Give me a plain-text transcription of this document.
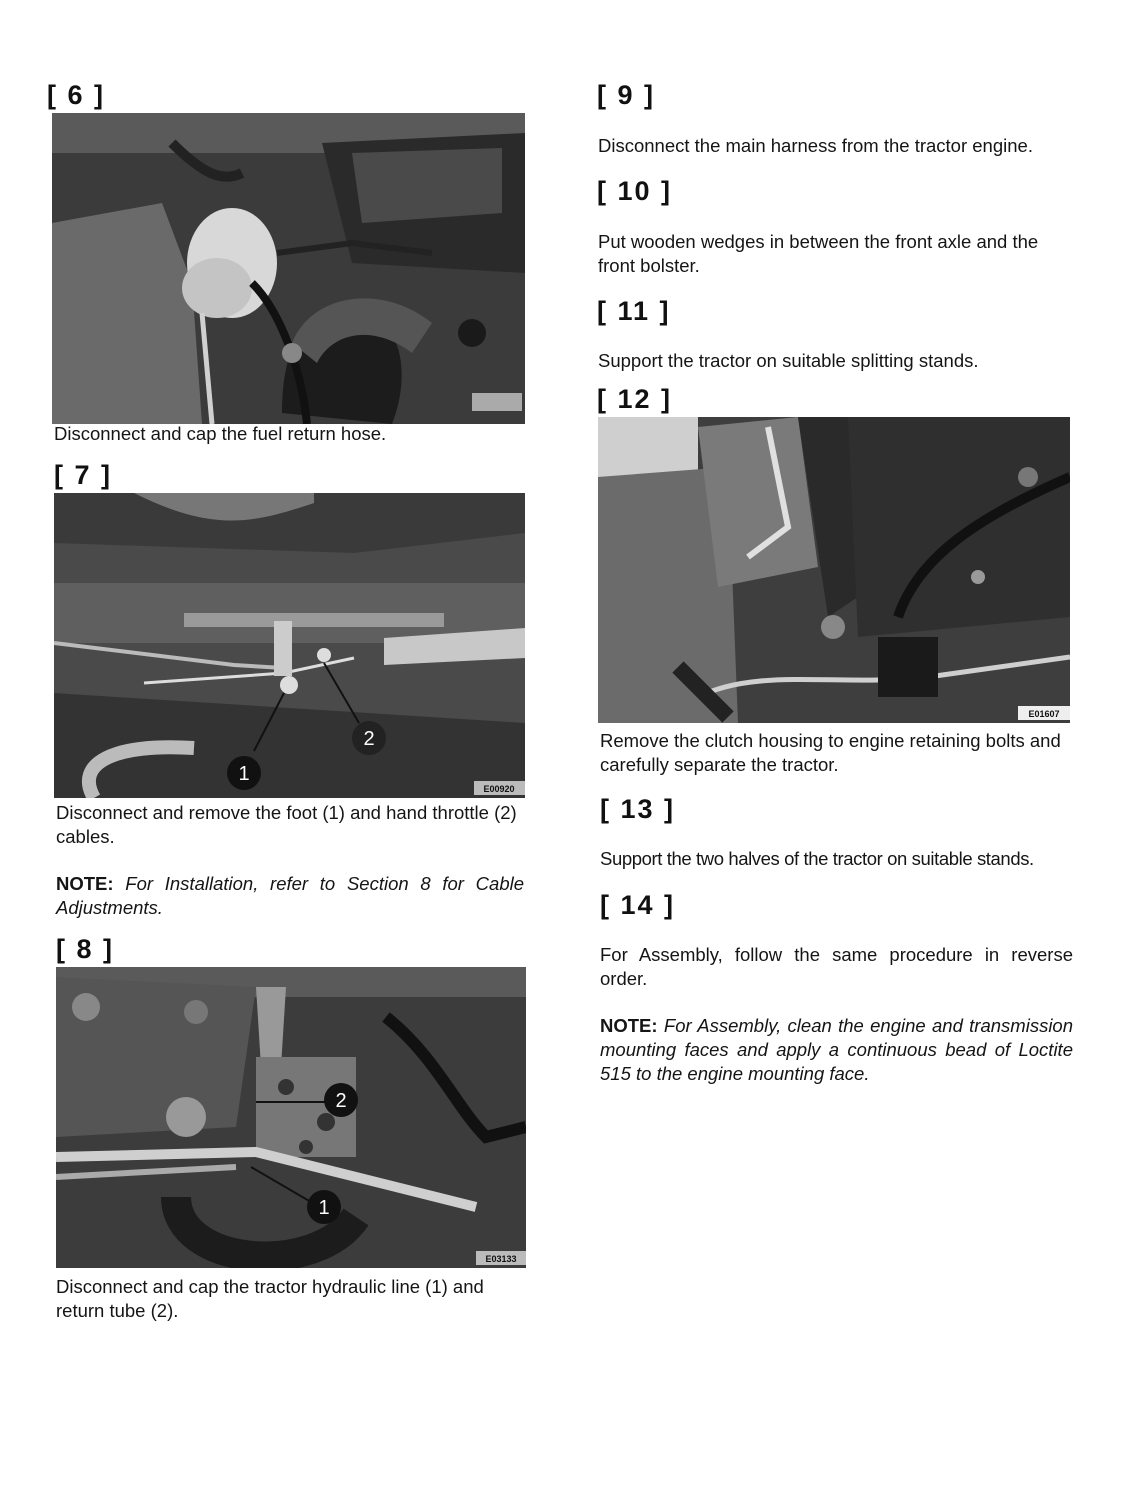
[ 6 ]
Disconnect and cap the fuel return hose.
[ 7 ]
1
2
E00920
Disconnect and remove the foot (1) and hand throttle (2) cables.
NOTE: For Installation, refer to Section 8 for Cable Adjustments.
[ 8 ]
2
1
E03133
Disconnect and cap the tractor hydraulic line (1) and return tube (2).
[ 9 ]
Disconnect the main harness from the tractor engine.
[ 10 ]
Put wooden wedges in between the front axle and the front bolster.
[ 11 ]
Support the tractor on suitable splitting stands.
[ 12 ]
E01607
Remove the clutch housing to engine retaining bolts and carefully separate the tractor.
[ 13 ]
Support the two halves of the tractor on suitable stands.
[ 14 ]
For Assembly, follow the same procedure in reverse order.
NOTE: For Assembly, clean the engine and transmission mounting faces and apply a continuous bead of Loctite 515 to the engine mounting face.
